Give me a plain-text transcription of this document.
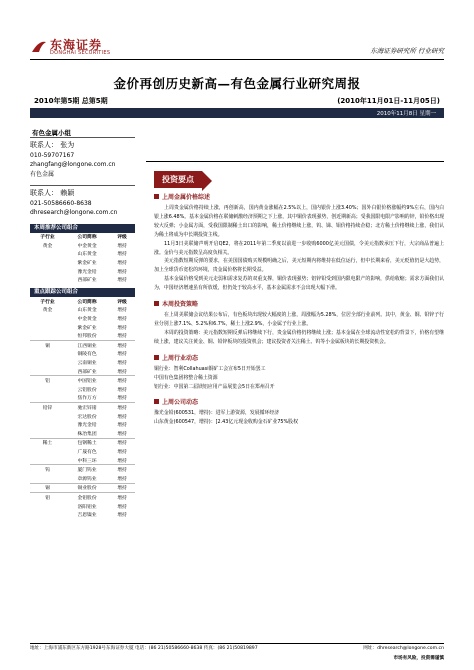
东海证券
DONGHAI SECURITIES	东海证券研究所 行业研究
金价再创历史新高—有色金属行业研究周报
2010年第5期 总第5期	(2010年11月01日-11月05日)
2010年11月8日 星期一
有色金属小组
联系人： 张为
010-59707167
zhangfang@longone.com.cn
有色金属
联系人： 赖颖
021-50586660-8638
dhresearch@longone.com.cn
本周推荐公司组合
子行业	公司简称	评级
黄金	中金黄金	增持
	山东黄金	增持
	紫金矿业	增持
	豫光金铅	增持
	西部矿业	增持
重点跟踪公司组合
子行业	公司简称	评级
黄金	山东黄金	增持
	中金黄金	增持
	紫金矿业	增持
	恒邦股份	增持
铜	江西铜业	增持
	铜陵有色	增持
	云南铜业	增持
	西部矿业	增持
铝	中国铝业	增持
	云铝股份	增持
	焦作万方	增持
铅锌	驰宏锌锗	增持
	宏达股份	增持
	豫光金铅	增持
	株冶集团	增持
稀土	包钢稀土	增持
	广晟有色	增持
	中科三环	增持
钨	厦门钨业	增持
	章源钨业	增持
锡	锡业股份	增持
钼	金钼股份	增持
	洛阳钼业	增持
	吉恩镍业	增持
投资要点
上周金属价格综述

上周贵金属价格持续上涨，再创新高，国内黄金涨幅在2.5%以上，国内银价上涨3.40%；国外白银价格涨幅约9%左右，国内白银上涨6.48%。基本金属价格在联储刺激经济预期之下上涨，其中铜价表现强势，创近期新高；受我国限电限产影响的锌，铅价格出现较大反弹；小金属方面，受我国限制稀土出口的影响，稀土价格继续上涨，钨、锑、钼价格持续企稳；北方稀土价格继续上涨，我们认为稀土将成为中长期投资主线。

11月3日美联储声明开启QE2，将在2011年第二季度以前进一步收购6000亿美元国债，令美元指数承压下行，大宗商品普遍上涨。金价与美元指数呈高度负相关。

美元指数短期反弹的要求，在美国国债购买规模明确之后，美元短期内将维持在低位运行，但中长期来看，美元贬值仍是大趋势，加上全球货币宽松的环境，贵金属价格将长期受益。

基本金属价格受到美元走弱和需求复苏的双重支撑，铜价表现强势；铝锌铅受到国内限电限产的影响，供给收缩；需求方面我们认为，中国经济增速虽有所放缓，但仍处于较高水平，基本金属需求不会出现大幅下滑。

本周投资策略

在上周美联储会议结果公布后，有色板块出现较大幅度的上涨，周涨幅为5.28%，位居全部行业前列。其中，黄金、铜、铅锌子行业分别上涨7.1%、5.2%和6.7%，稀土上涨2.9%，小金属子行业上涨。

本周的投资策略：美元指数短期反弹后将继续下行，贵金属价格仍将继续上涨；基本金属在全球流动性宽松的背景下，价格有望继续上涨，建议关注黄金、铜、铅锌板块的投资机会；建议投资者关注稀土、钨等小金属板块的长期投资机会。

上周行业动态
铜行业：智利Collahuasi铜矿工会宣布5日开始罢工
中国有色集团将整合稀土资源
铝行业：中国第二届镁铝应用产品展览会5日在郑州召开
上周公司动态
豫光金铅(600531，增持)：进军上游资源，发展循环经济
山东黄金(600547，增持)：[2.43亿元现金收购金石矿业75%股权
地址：上海市浦东新区东方路1928号东海证券大厦 电话：(86 21)50586660-8638 传真：(86 21)50819897	网址：dhresearch@longone.com.cn
市场有风险，投资需谨慎
